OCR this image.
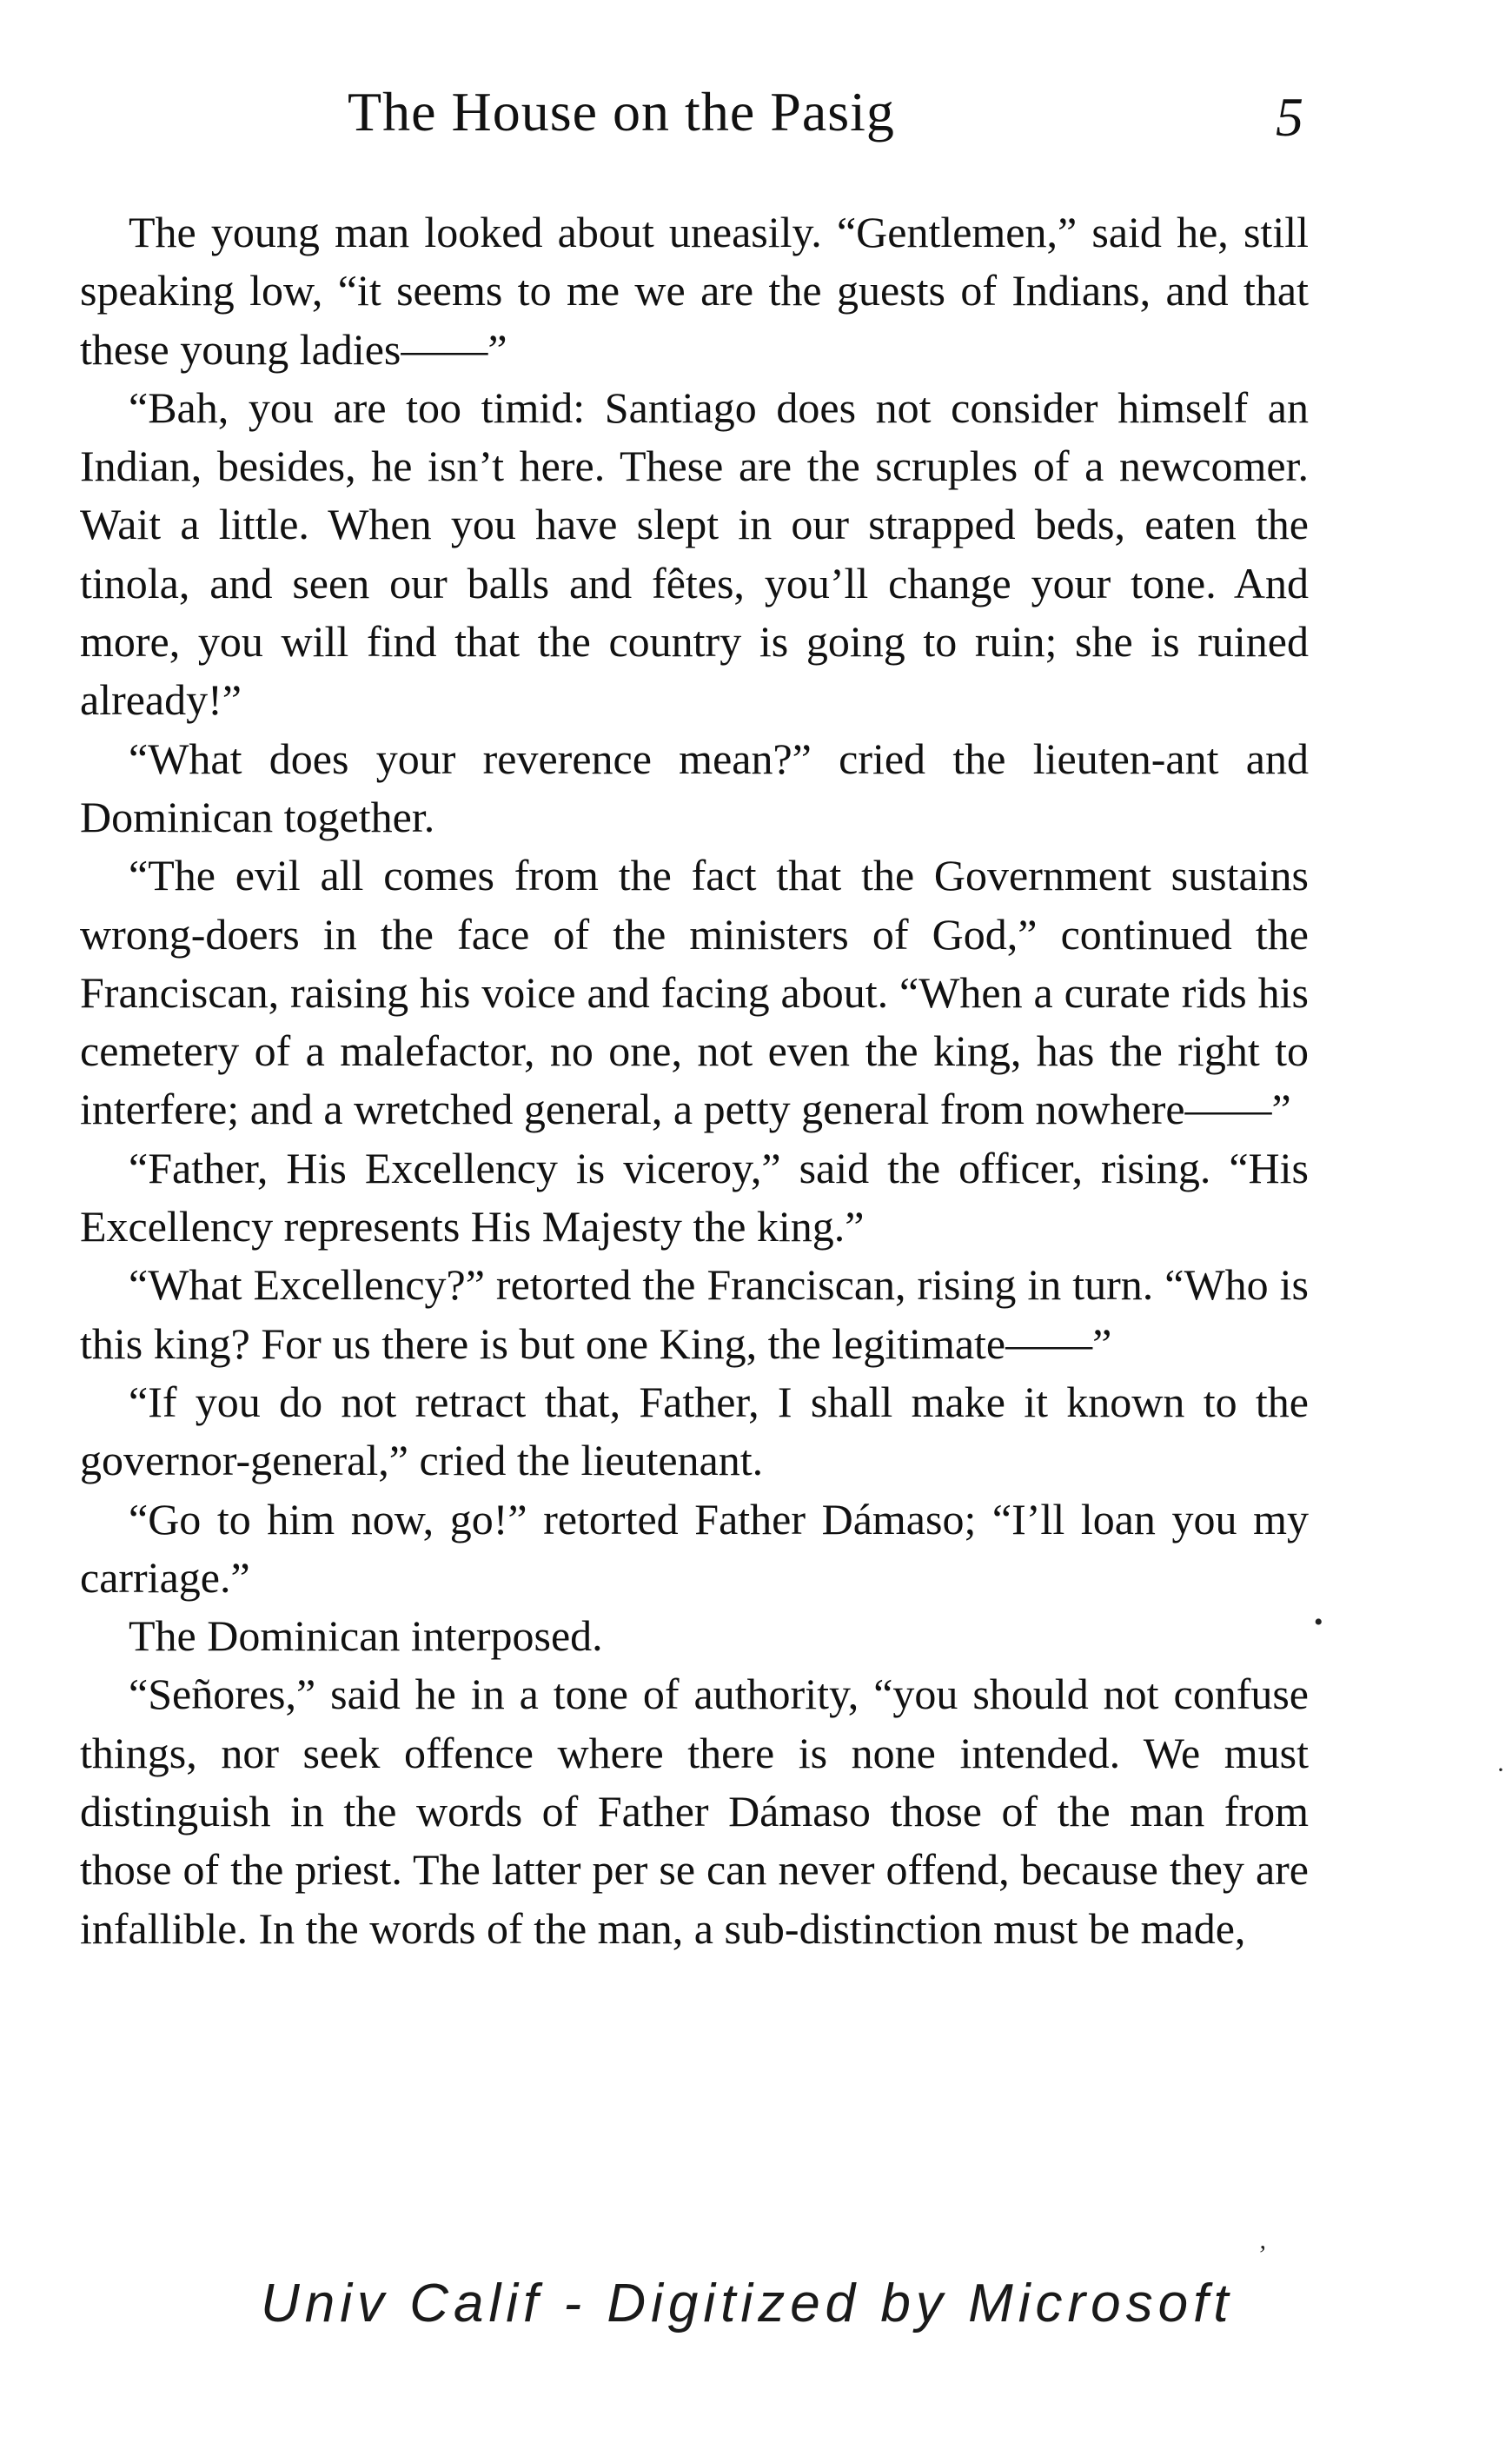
The House on the Pasig	5

The young man looked about uneasily. “Gentlemen,” said he, still speaking low, “it seems to me we are the guests of Indians, and that these young ladies——”

“Bah, you are too timid: Santiago does not consider himself an Indian, besides, he isn’t here. These are the scruples of a newcomer. Wait a little. When you have slept in our strapped beds, eaten the tinola, and seen our balls and fêtes, you’ll change your tone. And more, you will find that the country is going to ruin; she is ruined already!”

“What does your reverence mean?” cried the lieuten-ant and Dominican together.

“The evil all comes from the fact that the Government sustains wrong-doers in the face of the ministers of God,” continued the Franciscan, raising his voice and facing about. “When a curate rids his cemetery of a malefactor, no one, not even the king, has the right to interfere; and a wretched general, a petty general from nowhere——”

“Father, His Excellency is viceroy,” said the officer, rising. “His Excellency represents His Majesty the king.”

“What Excellency?” retorted the Franciscan, rising in turn. “Who is this king? For us there is but one King, the legitimate——”

“If you do not retract that, Father, I shall make it known to the governor-general,” cried the lieutenant.

“Go to him now, go!” retorted Father Dámaso; “I’ll loan you my carriage.”

The Dominican interposed.

“Señores,” said he in a tone of authority, “you should not confuse things, nor seek offence where there is none intended. We must distinguish in the words of Father Dámaso those of the man from those of the priest. The latter per se can never offend, because they are infallible. In the words of the man, a sub-distinction must be made,

•
·
ʼ
Univ Calif - Digitized by Microsoft
